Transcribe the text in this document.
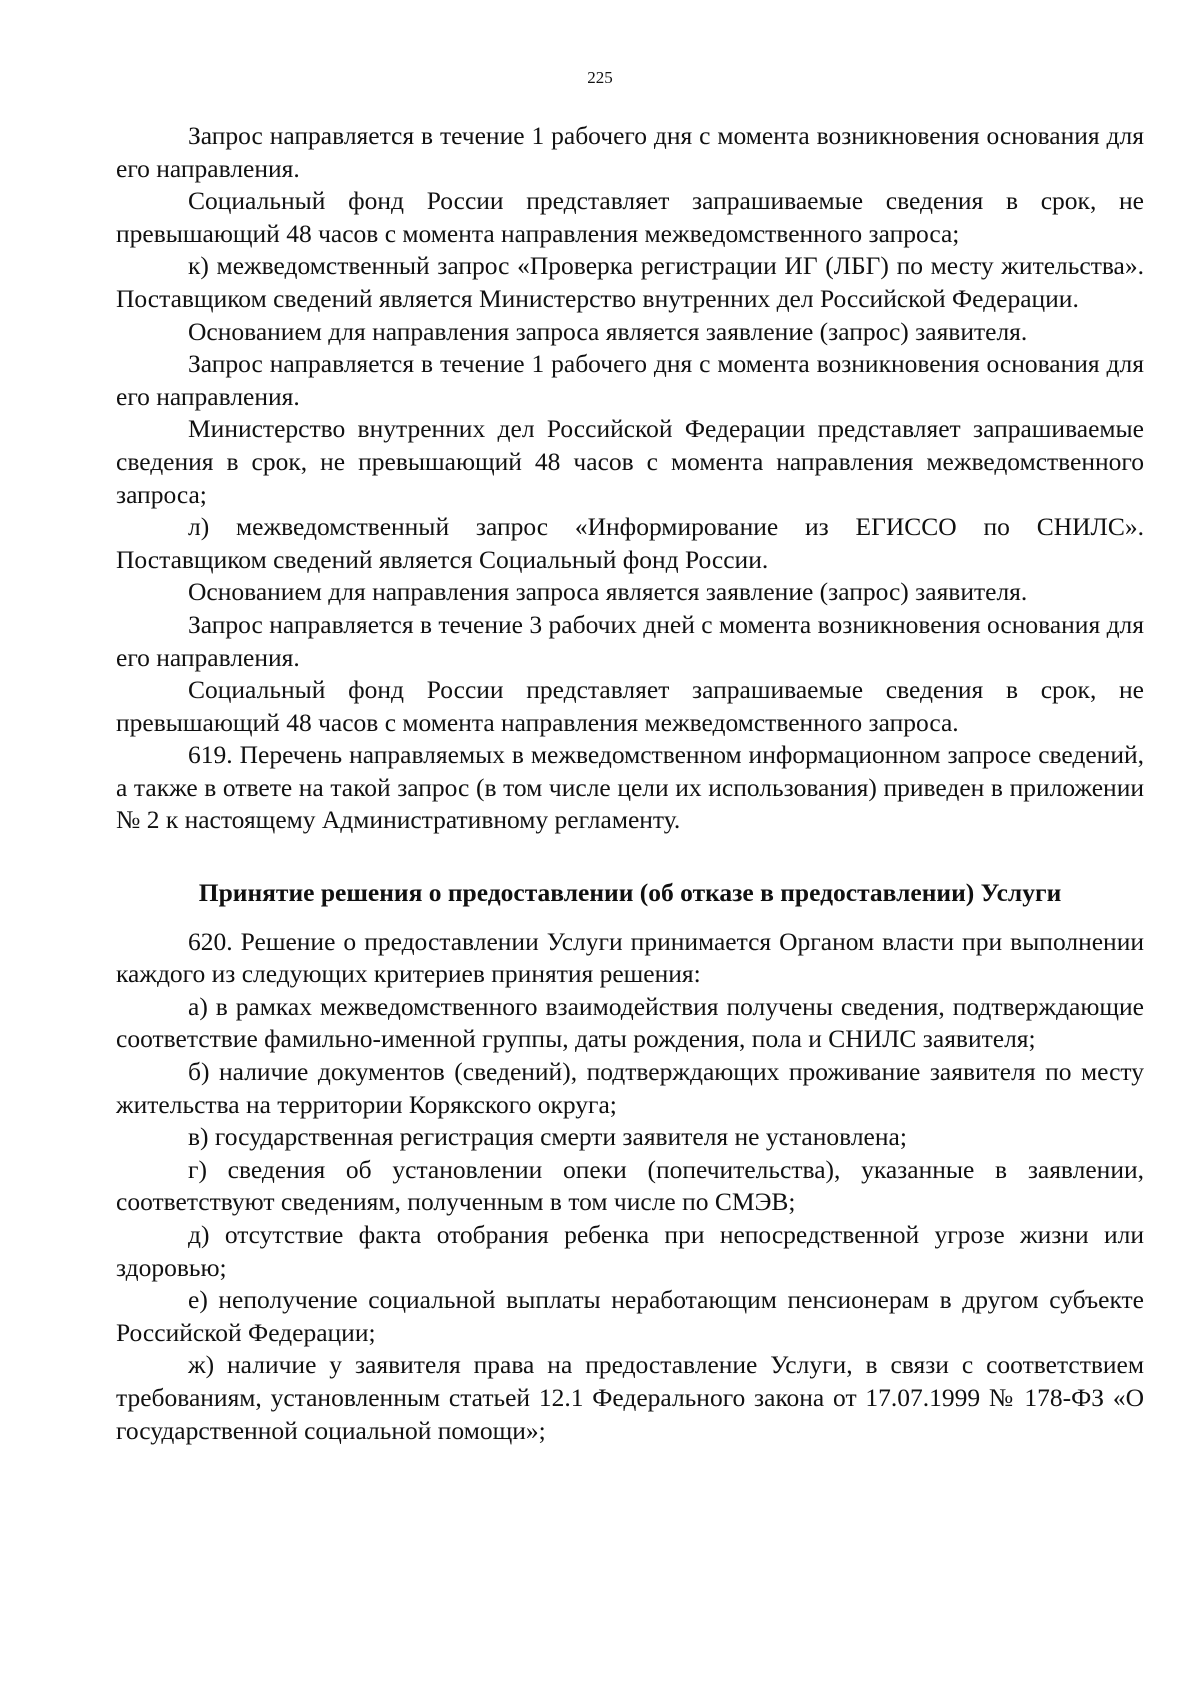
225

Запрос направляется в течение 1 рабочего дня с момента возникновения основания для его направления.

Социальный фонд России представляет запрашиваемые сведения в срок, не превышающий 48 часов с момента направления межведомственного запроса;

к) межведомственный запрос «Проверка регистрации ИГ (ЛБГ) по месту жительства». Поставщиком сведений является Министерство внутренних дел Российской Федерации.

Основанием для направления запроса является заявление (запрос) заявителя.

Запрос направляется в течение 1 рабочего дня с момента возникновения основания для его направления.

Министерство внутренних дел Российской Федерации представляет запрашиваемые сведения в срок, не превышающий 48 часов с момента направления межведомственного запроса;

л) межведомственный запрос «Информирование из ЕГИССО по СНИЛС». Поставщиком сведений является Социальный фонд России.

Основанием для направления запроса является заявление (запрос) заявителя.

Запрос направляется в течение 3 рабочих дней с момента возникновения основания для его направления.

Социальный фонд России представляет запрашиваемые сведения в срок, не превышающий 48 часов с момента направления межведомственного запроса.

619. Перечень направляемых в межведомственном информационном запросе сведений, а также в ответе на такой запрос (в том числе цели их использования) приведен в приложении № 2 к настоящему Административному регламенту.

Принятие решения о предоставлении (об отказе в предоставлении) Услуги

620. Решение о предоставлении Услуги принимается Органом власти при выполнении каждого из следующих критериев принятия решения:

а) в рамках межведомственного взаимодействия получены сведения, подтверждающие соответствие фамильно-именной группы, даты рождения, пола и СНИЛС заявителя;

б) наличие документов (сведений), подтверждающих проживание заявителя по месту жительства на территории Корякского округа;

в) государственная регистрация смерти заявителя не установлена;

г) сведения об установлении опеки (попечительства), указанные в заявлении, соответствуют сведениям, полученным в том числе по СМЭВ;

д) отсутствие факта отобрания ребенка при непосредственной угрозе жизни или здоровью;

е) неполучение социальной выплаты неработающим пенсионерам в другом субъекте Российской Федерации;

ж) наличие у заявителя права на предоставление Услуги, в связи с соответствием требованиям, установленным статьей 12.1 Федерального закона от 17.07.1999 № 178-ФЗ «О государственной социальной помощи»;
